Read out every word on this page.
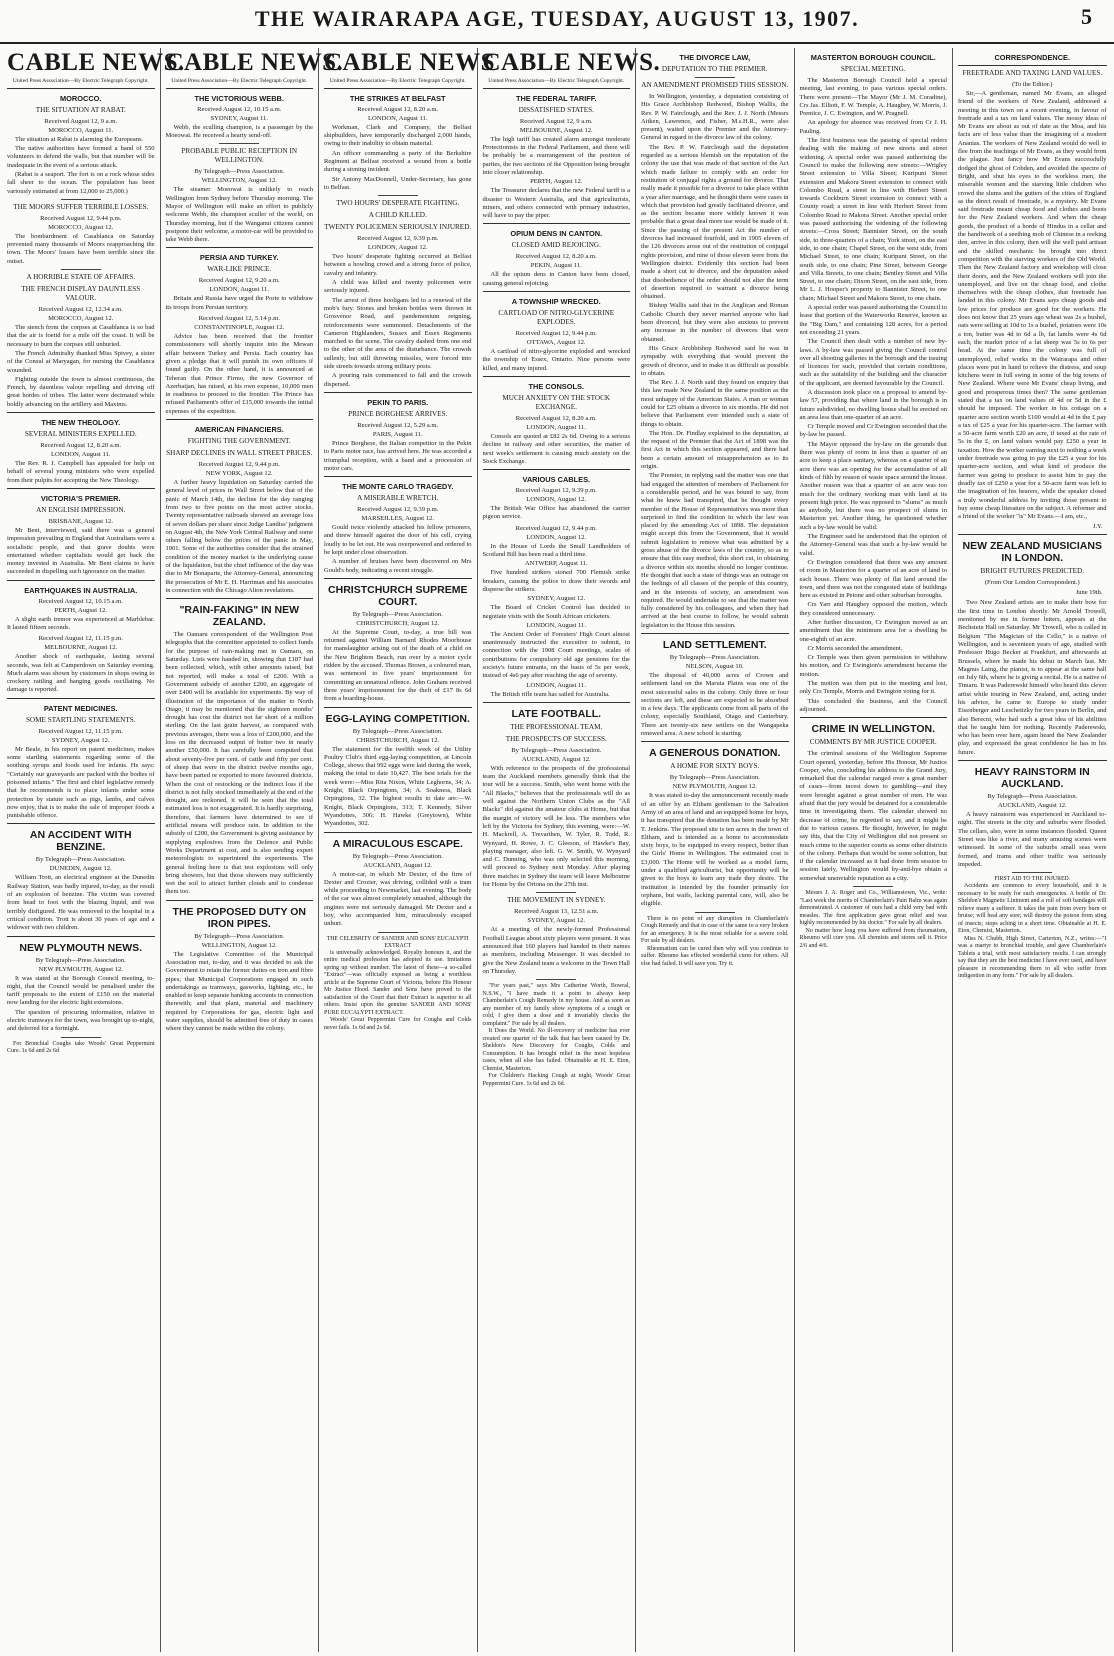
THE WAIRARAPA AGE, TUESDAY, AUGUST 13, 1907.	5
CABLE NEWS.
United Press Association—By Electric Telegraph Copyright.
MOROCCO.
THE SITUATION AT RABAT.
Received August 12, 9 a.m.
MOROCCO, August 11.

The situation at Rabat is alarming the Europeans.

The native authorities have formed a band of 550 volunteers to defend the walls, but that number will be inadequate in the event of a serious attack.

(Rabat is a seaport. The fort is on a rock whose sides fall sheer to the ocean. The population has been variously estimated at from 12,000 to 25,000.)

THE MOORS SUFFER TERRIBLE LOSSES.
Received August 12, 9.44 p.m.
MOROCCO, August 12.

The bombardment of Casablanca on Saturday prevented many thousands of Moors reapproaching the town. The Moors' losses have been terrible since the outset.

A HORRIBLE STATE OF AFFAIRS.
THE FRENCH DISPLAY DAUNTLESS VALOUR.
Received August 12, 12.34 a.m.
MOROCCO, August 12.

The stench from the corpses at Casablanca is so bad that the air is foetid for a mile off the coast. It will be necessary to burn the corpses still unburied.

The French Admiralty thanked Miss Spivey, a sister of the Consul at Maryagan, for nursing the Casablanca wounded.

Fighting outside the town is almost continuous, the French, by dauntless valour repelling and driving off great hordes of tribes. The latter were decimated while boldly advancing on the artillery and Maxims.

THE NEW THEOLOGY.
SEVERAL MINISTERS EXPELLED.
Received August 12, 8.20 a.m.
LONDON, August 11.

The Rev. R. J. Campbell has appealed for help on behalf of several young ministers who were expelled from their pulpits for accepting the New Theology.

VICTORIA'S PREMIER.
AN ENGLISH IMPRESSION.
BRISBANE, August 12.

Mr Bent, interviewed, said there was a general impression prevailing in England that Australians were a socialistic people, and that grave doubts were entertained whether capitalists would get back the money invested in Australia. Mr Bent claims to have succeeded in dispelling such ignorance on the matter.

EARTHQUAKES IN AUSTRALIA.
Received August 12, 10.15 a.m.
PERTH, August 12.

A slight earth tremor was experienced at Marblebar. It lasted fifteen seconds.

Received August 12, 11.15 p.m.
MELBOURNE, August 12.

Another shock of earthquake, lasting several seconds, was felt at Camperdown on Saturday evening. Much alarm was shown by customers in shops owing to crockery rattling and hanging goods oscillating. No damage is reported.

PATENT MEDICINES.
SOME STARTLING STATEMENTS.
Received August 12, 11.15 p.m.
SYDNEY, August 12.

Mr Beale, in his report on patent medicines, makes some startling statements regarding some of the soothing syrups and foods used for infants. He says: "Certainly our graveyards are packed with the bodies of poisoned infants." The first and chief legislative remedy that he recommends is to place infants under some protection by statute such as pigs, lambs, and calves now enjoy, that is to make the sale of improper foods a punishable offence.

AN ACCIDENT WITH BENZINE.
By Telegraph—Press Association.
DUNEDIN, August 12.

William Trott, an electrical engineer at the Dunedin Railway Station, was badly injured, to-day, as the result of an explosion of benzine. The victim was covered from head to foot with the blazing liquid, and was terribly disfigured. He was removed to the hospital in a critical condition. Trott is about 30 years of age and a widower with two children.

NEW PLYMOUTH NEWS.
By Telegraph—Press Association.
NEW PLYMOUTH, August 12.

It was stated at the Borough Council meeting, to-night, that the Council would be penalised under the tariff proposals to the extent of £150 on the material now landing for the electric light extensions.

The question of procuring information, relative to electric tramways for the town, was brought up to-night, and deferred for a fortnight.

For Bronchial Coughs take Woods' Great Peppermint Cure. 1s 6d and 2s 6d

CABLE NEWS.
United Press Association—By Electric Telegraph Copyright.
THE VICTORIOUS WEBB.
Received August 12, 10.15 a.m.
SYDNEY, August 11.

Webb, the sculling champion, is a passenger by the Moeowai. He received a hearty send-off.

PROBABLE PUBLIC RECEPTION IN WELLINGTON.
By Telegraph—Press Association.
WELLINGTON, August 12.

The steamer Moeowai is unlikely to reach Wellington from Sydney before Thursday morning. The Mayor of Wellington will make an effort to publicly welcome Webb, the champion sculler of the world, on Thursday morning, but if the Wanganui citizens cannot postpone their welcome, a motor-car will be provided to take Webb there.

PERSIA AND TURKEY.
WAR-LIKE PRINCE.
Received August 12, 9.20 a.m.
LONDON, August 11.

Britain and Russia have urged the Porte to withdraw its troops from Persian territory.

Received August 12, 5.14 p.m.
CONSTANTINOPLE, August 12.

Advice has been received that the frontier commissioners will shortly inquire into the Mewan affair between Turkey and Persia. Each country has given a pledge that it will punish its own officers if found guilty. On the other hand, it is announced at Teheran that Prince Firmo, the new Governor of Azerbaijan, has raised, at his own expense, 10,000 men in readiness to proceed to the frontier. The Prince has refused Parliament's offer of £15,000 towards the initial expenses of the expedition.

AMERICAN FINANCIERS.
FIGHTING THE GOVERNMENT.
SHARP DECLINES IN WALL STREET PRICES.
Received August 12, 9.44 p.m.
NEW YORK, August 12.

A further heavy liquidation on Saturday carried the general level of prices in Wall Street below that of the panic of March 14th, the decline for the day ranging from two to five points on the most active stocks. Twenty representative railroads showed an average loss of seven dollars per share since Judge Landiss' judgment on August 4th, the New York Central Railway and some others falling below the prices of the panic in May, 1901. Some of the authorities consider that the strained condition of the money market is the underlying cause of the liquidation, but the chief influence of the day was due to Mr Bonaparte, the Attorney-General, announcing the prosecution of Mr E. H. Harriman and his associates in connection with the Chicago Alton revelations.

"RAIN-FAKING" IN NEW ZEALAND.

The Oamaru correspondent of the Wellington Post telegraphs that the committee appointed to collect funds for the purpose of rain-making met in Oamaru, on Saturday. Lists were handed in, showing that £187 had been collected, which, with other amounts raised, but not reported, will make a total of £200. With a Government subsidy of another £200, an aggregate of over £400 will be available for experiments. By way of illustration of the importance of the matter to North Otago, it may be mentioned that the eighteen months' drought has cost the district not far short of a million sterling. On the last grain harvest, as compared with previous averages, there was a loss of £200,000, and the loss on the decreased output of butter two in nearly another £50,000. It has carefully been computed that about seventy-five per cent. of cattle and fifty per cent. of sheep that were in the district twelve months ago, have been parted or exported to more favoured districts. When the cost of restocking or the indirect loss if the district is not fully stocked immediately at the end of the drought, are reckoned, it will be seen that the total estimated loss is not exaggerated. It is hardly surprising, therefore, that farmers have determined to see if artificial means will produce rain. In addition to the subsidy of £200, the Government is giving assistance by supplying explosives from the Defence and Public Works Department at cost, and is also sending expert meteorologists to superintend the experiments. The general feeling here is that test explosions will only bring showers, but that those showers may sufficiently wet the soil to attract further clouds and to condense them too.

THE PROPOSED DUTY ON IRON PIPES.
By Telegraph—Press Association.
WELLINGTON, August 12.

The Legislative Committee of the Municipal Association met, to-day, and it was decided to ask the Government to retain the former duties on iron and fibre pipes; that Municipal Corporations engaged in such undertakings as tramways, gasworks, lighting, etc., be enabled to keep separate banking accounts in connection therewith; and that plant, material and machinery required by Corporations for gas, electric light and water supplies, should be admitted free of duty in cases where they cannot be made within the colony.

CABLE NEWS
United Press Association—By Electric Telegraph Copyright.
THE STRIKES AT BELFAST
Received August 12, 8.20 a.m.
LONDON, August 11.

Workman, Clark and Company, the Belfast shipbuilders, have temporarily discharged 2,000 hands, owing to their inability to obtain material.

An officer commanding a party of the Berkshire Regiment at Belfast received a wound from a bottle during a stoning incident.

Sir Antony MacDonnell, Under-Secretary, has gone to Belfast.

TWO HOURS' DESPERATE FIGHTING.
A CHILD KILLED.
TWENTY POLICEMEN SERIOUSLY INJURED.
Received August 12, 9.39 p.m.
LONDON, August 12.

Two hours' desperate fighting occurred at Belfast between a howling crowd and a strong force of police, cavalry and infantry.

A child was killed and twenty policemen were seriously injured.

The arrest of three hooligans led to a renewal of the mob's fury. Stones and broken bottles were thrown in Grosvenor Road, and pandemonium reigning, reinforcements were summoned. Detachments of the Cameron Highlanders, Sussex and Essex Regiments marched to the scene. The cavalry dashed from one end to the other of the area of the disturbance. The crowds sullenly, but still throwing missiles, were forced into side streets towards strong military posts.

A pouring rain commenced to fall and the crowds dispersed.

PEKIN TO PARIS.
PRINCE BORGHESE ARRIVES.
Received August 12, 5.29 a.m.
PARIS, August 11.

Prince Borghese, the Italian competitor in the Pekin to Paris motor race, has arrived here. He was accorded a triumphal reception, with a band and a procession of motor cars.

THE MONTE CARLO TRAGEDY.
A MISERABLE WRETCH.
Received August 12, 9.39 p.m.
MARSEILLES, August 12.

Gould twice violently attacked his fellow prisoners, and threw himself against the door of his cell, crying loudly to be let out. He was overpowered and ordered to be kept under close observation.

A number of bruises have been discovered on Mrs Gould's body, indicating a recent struggle.

CHRISTCHURCH SUPREME COURT.
By Telegraph—Press Association.
CHRISTCHURCH, August 12.

At the Supreme Court, to-day, a true bill was returned against William Barnard Rhodes Moorhouse for manslaughter arising out of the death of a child on the New Brighton Beach, run over by a motor cycle ridden by the accused. Thomas Brown, a coloured man, was sentenced to five years' imprisonment for committing an unnatural offence. John Graham received three years' imprisonment for the theft of £17 8s 6d from a boarding-house.

EGG-LAYING COMPETITION.
By Telegraph—Press Association.
CHRISTCHURCH, August 12.

The statement for the twelfth week of the Utility Poultry Club's third egg-laying competition, at Lincoln College, shows that 992 eggs were laid during the week, making the total to date 10,427. The best totals for the week were:—Miss Rita Nixon, White Leghorns, 34; A. Knight, Black Orpingtons, 34; A. Soakness, Black Orpingtons, 32. The highest results to date are:—W. Knight, Black Orpingtons, 313; T. Kennedy, Silver Wyandottes, 306; H. Hawke (Greytown), White Wyandottes, 302.

A MIRACULOUS ESCAPE.
By Telegraph—Press Association.
AUCKLAND, August 12.

A motor-car, in which Mr Dexter, of the firm of Dexter and Crozier, was driving, collided with a tram while proceeding to Newmarket, last evening. The body of the car was almost completely smashed, although the engines were not seriously damaged. Mr Dexter and a boy, who accompanied him, miraculously escaped unhurt.

THE CELEBRITY OF SANDER AND SONS' EUCALYPTI EXTRACT

is universally acknowledged. Royalty honours it, and the entire medical profession has adopted its use. Imitations spring up without number. The latest of these—a so-called "Extract"—was officially exposed as being a worthless article at the Supreme Court of Victoria, before His Honour Mr Justice Hood. Sander and Sons have proved to the satisfaction of the Court that their Extract is superior to all others. Insist upon the genuine SANDER AND SONS' PURE EUCALYPTI EXTRACT.

Woods' Great Peppermint Cure for Coughs and Colds never fails. 1s 6d and 2s 6d.

CABLE NEWS.
United Press Association—By Electric Telegraph Copyright.
THE FEDERAL TARIFF.
DISSATISFIED STATES.
Received August 12, 9 a.m.
MELBOURNE, August 12.

The high tariff has created alarm amongst moderate Protectionists in the Federal Parliament, and there will be probably be a rearrangement of the position of parties, the two sections of the Opposition being brought into closer relationship.

PERTH, August 12.

The Treasurer declares that the new Federal tariff is a disaster to Western Australia, and that agriculturists, miners, and others connected with primary industries, will have to pay the piper.

OPIUM DENS IN CANTON.
CLOSED AMID REJOICING.
Received August 12, 8.20 a.m.
PEKIN, August 11.

All the opium dens in Canton have been closed, causing general rejoicing.

A TOWNSHIP WRECKED.
CARTLOAD OF NITRO-GLYCERINE EXPLODES.
Received August 12, 9.44 p.m.
OTTAWA, August 12.

A cartload of nitro-glycerine exploded and wrecked the township of Essex, Ontario. Nine persons were killed, and many injured.

THE CONSOLS.
MUCH ANXIETY ON THE STOCK EXCHANGE.
Received August 12, 8.20 a.m.
LONDON, August 11.

Consols are quoted at £82 2s 6d. Owing to a serious decline in railway and other securities, the matter of next week's settlement is causing much anxiety on the Stock Exchange.

VARIOUS CABLES.
Received August 12, 9.39 p.m.
LONDON, August 12.

The British War Office has abandoned the carrier pigeon service.

Received August 12, 9.44 p.m.
LONDON, August 12.

In the House of Lords the Small Landholders of Scotland Bill has been read a third time.

ANTWERP, August 11.

Five hundred strikers stoned 700 Flemish strike breakers, causing the police to draw their swords and disperse the strikers.

SYDNEY, August 12.

The Board of Cricket Control has decided to negotiate visits with the South African cricketers.

LONDON, August 11.

The Ancient Order of Foresters' High Court almost unanimously instructed the executive to submit, in connection with the 1908 Court meetings, scales of contributions for compulsory old age pensions for the society's future entrants, on the basis of 5s per week, instead of 4s6 pay after reaching the age of seventy.

LONDON, August 11.

The British rifle team has sailed for Australia.

LATE FOOTBALL.
THE PROFESSIONAL TEAM.
THE PROSPECTS OF SUCCESS.
By Telegraph—Press Association.
AUCKLAND, August 12.

With reference to the prospects of the professional team the Auckland members generally think that the tour will be a success. Smith, who went home with the "All Blacks," believes that the professionals will do as well against the Northern Union Clubs as the "All Blacks" did against the amateur clubs at Home, but that the margin of victory will be less. The members who left by the Victoria for Sydney, this evening, were:—W. H. Mackrell, A. Trevarthen, W. Tyler, R. Todd, R. Wynyard, H. Rowe, J. C. Gleeson, of Hawke's Bay, playing manager, also left. G. W. Smith, W. Wynyard and C. Dunning, who was only selected this morning, will proceed to Sydney next Monday. After playing three matches in Sydney the team will leave Melbourne for Home by the Ortona on the 27th inst.

THE MOVEMENT IN SYDNEY.
Received August 13, 12.51 a.m.
SYDNEY, August 12.

At a meeting of the newly-formed Professional Football League about sixty players were present. It was announced that 160 players had handed in their names as members, including Messenger. It was decided to give the New Zealand team a welcome in the Town Hall on Thursday.

"For years past," says Mrs Catherine Worth, Bowral, N.S.W., "I have made it a point to always keep Chamberlain's Cough Remedy in my house. And as soon as any member of my family show symptoms of a cough or cold, I give them a dose and it invariably checks the complaint." For sale by all dealers.

It Does the World. No ill-recovery of medicine has ever created one quarter of the talk that has been caused by Dr. Sheldon's New Discovery for Coughs, Colds and Consumption. It has brought relief in the most hopeless cases, when all else has failed. Obtainable at H. E. Eton, Chemist, Masterton.

For Children's Hacking Cough at night, Woods' Great Peppermint Cure. 1s 6d and 2s 6d.

THE DIVORCE LAW,
DEPUTATION TO THE PREMIER.
AN AMENDMENT PROMISED THIS SESSION.

In Wellington, yesterday, a deputation consisting of His Grace Archbishop Redwood, Bishop Wallis, the Rev. P. W. Fairclough, and the Rev. J. J. North (Messrs Aitken, Lawrence, and Fisher, M.s.H.R., were also present), waited upon the Premier and the Attorney-General in regard to the divorce law of the colony.

The Rev. P. W. Fairclough said the deputation regarded as a serious blemish on the reputation of the colony the use that was made of that section of the Act which made failure to comply with an order for restitution of conjugal rights a ground for divorce. That really made it possible for a divorce to take place within a year after marriage, and he thought there were cases in which that provision had greatly facilitated divorce, and as the section became more widely known it was probable that a great deal more use would be made of it. Since the passing of the present Act the number of divorces had increased fourfold, and in 1905 eleven of the 126 divorces arose out of the restitution of conjugal rights provision, and nine of those eleven were from the Wellington district. Evidently this section had been made a short cut to divorce, and the deputation asked that disobedience of the order should not alter the term of desertion required to warrant a divorce being obtained.

Bishop Wallis said that in the Anglican and Roman Catholic Church they never married anyone who had been divorced, but they were also anxious to prevent any increase in the number of divorces that were obtained.

His Grace Archbishop Redwood said he was in sympathy with everything that would prevent the growth of divorce, and to make it as difficult as possible to obtain.

The Rev. J. J. North said they found on enquiry that this law made New Zealand in the same position as the most unhappy of the American States. A man or woman could for £25 obtain a divorce in six months. He did not believe that Parliament ever intended such a state of things to obtain.

The Hon. Dr. Findlay explained to the deputation, at the request of the Premier that the Act of 1898 was the first Act in which this section appeared, and there had been a certain amount of misapprehension as to its origin.

The Premier, in replying said the matter was one that had engaged the attention of members of Parliament for a considerable period, and he was bound to say, from what he knew had transpired, that he thought every member of the House of Representatives was more than surprised to find the condition in which the law was placed by the amending Act of 1898. The deputation might accept this from the Government, that it would submit legislation to remove what was admitted by a gross abuse of the divorce laws of the country, so as to ensure that this easy method, this short cut, to obtaining a divorce within six months should no longer continue. He thought that such a state of things was an outrage on the feelings of all classes of the people of this country, and in the interests of society, an amendment was required. He would undertake to see that the matter was fully considered by his colleagues, and when they had arrived at the best course to follow, he would submit legislation to the House this session.

LAND SETTLEMENT.
By Telegraph—Press Association.
NELSON, August 10.

The disposal of 40,000 acres of Crown and settlement land on the Maruia Plains was one of the most successful sales in the colony. Only three or four sections are left, and these are expected to be absorbed in a few days. The applicants come from all parts of the colony, especially Southland, Otago and Canterbury. There are twenty-six new settlers on the Wangapeka renewed area. A new school is starting.

A GENEROUS DONATION.
A HOME FOR SIXTY BOYS.
By Telegraph—Press Association.
NEW PLYMOUTH, August 12.

It was stated to-day the announcement recently made of an offer by an Eltham gentleman to the Salvation Army of an area of land and an equipped home for boys, it has transpired that the donation has been made by Mr T. Jenkins. The proposed site is ten acres in the town of Eltham, and is intended as a home to accommodate sixty boys, to be equipped in every respect, better than the Girls' Home in Wellington. The estimated cost is £3,000. The Home will be worked as a model farm, under a qualified agriculturist, but opportunity will be given to the boys to learn any trade they desire. The institution is intended by the founder primarily for orphans, but waifs, lacking parental care, will, also be eligible.

There is no point of any disruption in Chamberlain's Cough Remedy and that in case of the same to a very broken for an emergency. It is the most reliable for a severe cold. For sale by all dealers.

Rheumatism can be cured then why will you continue to suffer. Rheumo has effected wonderful cures for others. All else had failed. It will save you. Try it.

MASTERTON BOROUGH COUNCIL.
SPECIAL MEETING.

The Masterton Borough Council held a special meeting, last evening, to pass various special orders. There were present—The Mayor (Mr J. M. Coradine), Crs Jas. Elliott, F. W. Temple, A. Haugbey, W. Morris, J. Prentice, J. C. Ewington, and W. Pragnell.

An apology for absence was received from Cr J. H. Pauling.

The first business was the passing of special orders dealing with the making of new streets and street widening. A special order was passed authorising the Council to make the following new streets:—Wrigley Street extension to Villa Street; Kuripuni Street extension and Makora Street extension to connect with Colombo Road, a street in line with Herbert Street towards Cockburn Street extension to connect with a County road; a street in line with Herbert Street from Colombo Road to Makora Street. Another special order was passed authorising the widening of the following streets:—Cross Street; Bannister Street, on the south side, to three-quarters of a chain; York street, on the east side, to one chain; Chapel Street, on the west side, from Michael Street, to one chain; Kuripuni Street, on the south side, to one chain; Pine Street, between George and Villa Streets, to one chain; Bentley Street and Villa Street, to one chain; Dixon Street, on the east side, from Mr L. J. Hooper's property to Bannister Street, to one chain; Michael Street and Makora Street, to one chain.

A special order was passed authorising the Council to lease that portion of the Waterworks Reserve, known as the "Big Dam," and containing 128 acres, for a period not exceeding 21 years.

The Council then dealt with a number of new by-laws. A by-law was passed giving the Council control over all shooting galleries in the borough and the issuing of licences for such, provided that certain conditions, such as the suitability of the building and the character of the applicant, are deemed favourable by the Council.

A discussion took place on a proposal to amend by-law 57, providing that where land in the borough is in future subdivided, no dwelling house shall be erected on an area less than one-quarter of an acre.

Cr Temple moved and Cr Ewington seconded that the by-law be passed.

The Mayor opposed the by-law on the grounds that there was plenty of room in less than a quarter of an acre to keep a place sanitary, whereas on a quarter of an acre there was an opening for the accumulation of all kinds of filth by reason of waste space around the house. Another reason was that a quarter of an acre was too much for the ordinary working man with land at its present high price. He was opposed to "slums" as much as anybody, but there was no prospect of slums in Masterton yet. Another thing, he questioned whether such a by-law would be valid.

The Engineer said he understood that the opinion of the Attorney-General was that such a by-law would be valid.

Cr Ewington considered that there was any amount of room in Masterton for a quarter of an acre of land to each house. There was plenty of flat land around the town, and there was not the congested state of buildings here as existed in Petone and other suburban boroughs.

Crs Yarr and Haugbey opposed the motion, which they considered unnecessary.

After further discussion, Cr Ewington moved as an amendment that the minimum area for a dwelling be one-eighth of an acre.

Cr Morris seconded the amendment.

Cr Temple was then given permission to withdraw his motion, and Cr Ewington's amendment became the motion.

The motion was then put to the meeting and lost, only Crs Temple, Morris and Ewington voting for it.

This concluded the business, and the Council adjourned.

CRIME IN WELLINGTON.
COMMENTS BY MR JUSTICE COOPER.

The criminal sessions of the Wellington Supreme Court opened, yesterday, before His Honour, Mr Justice Cooper, who, concluding his address to the Grand Jury, remarked that the calendar ranged over a great number of cases—from incest down to gambling—and they were brought against a great number of men. He was afraid that the jury would be detained for a considerable time in investigating them. The calendar showed no decrease of crime, he regretted to say, and it might be due to various causes. He thought, however, he might say this, that the City of Wellington did not present so much crime to the superior courts as some other districts of the colony. Perhaps that would be some solution, but if the calendar increased as it had done from session to session lately, Wellington would by-and-bye obtain a somewhat unenviable reputation as a city.

Messrs J. A. Roger and Co., Williamstown, Vic., write: "Last week the merits of Chamberlain's Pain Balm was again demonstrated. A customer of ours had a child very bad with measles. The first application gave great relief and was highly recommended by his doctor." For sale by all dealers.

No matter how long you have suffered from rheumatism, Rheumo will cure you. All chemists and stores sell it. Price 2/6 and 4/6.

CORRESPONDENCE.
FREETRADE AND TAXING LAND VALUES.
(To the Editor.)

Sir,—A gentleman, named Mr Evans, an alleged friend of the workers of New Zealand, addressed a meeting in this town on a recent evening, in favour of freetrade and a tax on land values. The mossy ideas of Mr Evans are about as out of date as the Moa, and his facts are of less value than the imagining of a modern Ananias. The workers of New Zealand would do well to flee from the teachings of Mr Evans, as they would from the plague. Just fancy how Mr Evans successfully dodged the ghost of Cobden, and avoided the spectre of Bright, and shut his eyes to the workless men, the miserable women and the starving little children who crowd the slums and the gutters of the cities of England as the direct result of freetrade, is a mystery. Mr Evans said freetrade meant cheap food and clothes and boots for the New Zealand workers. And when the cheap goods, the product of a horde of Hindus in a cellar and the handiwork of a seething mob of Chinese in a reeking den, arrive in this colony, then will the well paid artisan and the skilled mechanic be brought into direct competition with the starving workers of the Old World. Then the New Zealand factory and workshop will close their doors, and the New Zealand workers will join the unemployed, and live on the cheap food, and clothe themselves with the cheap clothes, that freetrade has landed in this colony. Mr Evans says cheap goods and low prices for produce are good for the workers. He does not know that 25 years ago wheat was 2s a bushel, oats were selling at 10d to 1s a bushel, potatoes were 10s a ton, butter was 4d to 6d a lb, fat lambs were 4s 6d each, the market price of a fat sheep was 5s to 6s per head. At the same time the colony was full of unemployed, relief works in the Wairarapa and other places were put in hand to relieve the distress, and soup kitchens were in full swing in some of the big towns of New Zealand. Where were Mr Evans' cheap living, and good and prosperous times then? The same gentleman stated that a tax on land values of 4d or 5d in the £ should be imposed. The worker in his cottage on a quarter acre section worth £100 would at 4d in the £ pay a tax of £25 a year for his quarter-acre. The farmer with a 50-acre farm worth £20 an acre, if taxed at the rate of 5s in the £, on land values would pay £250 a year in taxation. How the worker earning next to nothing a week under freetrade was going to pay the £25 a year for his quarter-acre section, and what kind of produce the farmer was going to produce to assist him to pay the deadly tax of £250 a year for a 50-acre farm was left to the imagination of his hearers, while the speaker closed a truly wonderful address by inviting those present to buy some cheap literature on the subject. A reformer and a friend of the worker "is" Mr Evans.—I am, etc.,

J.Y.
NEW ZEALAND MUSICIANS IN LONDON.
BRIGHT FUTURES PREDICTED.
(From Our London Correspondent.)
June 19th.

Two New Zealand artists are to make their bow for the first time in London shortly. Mr Arnold Trowell, mentioned by me in former letters, appears at the Bechstein Hall on Saturday. Mr Trowell, who is called in Belgium "The Magician of the Cello," is a native of Wellington, and is seventeen years of age, studied with Professor Hugo Becker at Frankfurt, and afterwards at Brussels, where he made his debut in March last. Mr Magnus Laing, the pianist, is to appear at the same hall on July 6th, where he is giving a recital. He is a native of Timaru. It was Paderewski himself who heard this clever artist while touring in New Zealand, and, acting under his advice, he came to Europe to study under Eisenberger and Leschetizky for two years in Berlin, and also Berecni, who had such a great idea of his abilities that he taught him for nothing. Recently Paderewski, who has been over here, again heard the New Zealander play, and expressed the great confidence he has in his future.

HEAVY RAINSTORM IN AUCKLAND.
By Telegraph—Press Association.
AUCKLAND, August 12.

A heavy rainstorm was experienced in Auckland to-night. The streets in the city and suburbs were flooded. The cellars, also, were in some instances flooded. Queen Street was like a river, and many amusing scenes were witnessed. In some of the suburbs small seas were formed, and trams and other traffic was seriously impeded.

FIRST AID TO THE INJURED.

Accidents are common to every household, and it is necessary to be ready for such emergencies. A bottle of Dr. Sheldon's Magnetic Liniment and a roll of soft bandages will relieve many a sufferer. It takes the pain from every burn or bruise; will heal any sore; will destroy the poison from sting of insects; stops aching in a short time. Obtainable at H. E. Eton, Chemist, Masterton.

Miss N. Chubb, High Street, Carterton, N.Z., writes:—"I was a martyr to bronchial trouble, and gave Chamberlain's Tablets a trial, with most satisfactory results. I can strongly say that they are the best medicine I have ever used, and have pleasure in recommending them to all who suffer from indigestion in any form." For sale by all dealers.
